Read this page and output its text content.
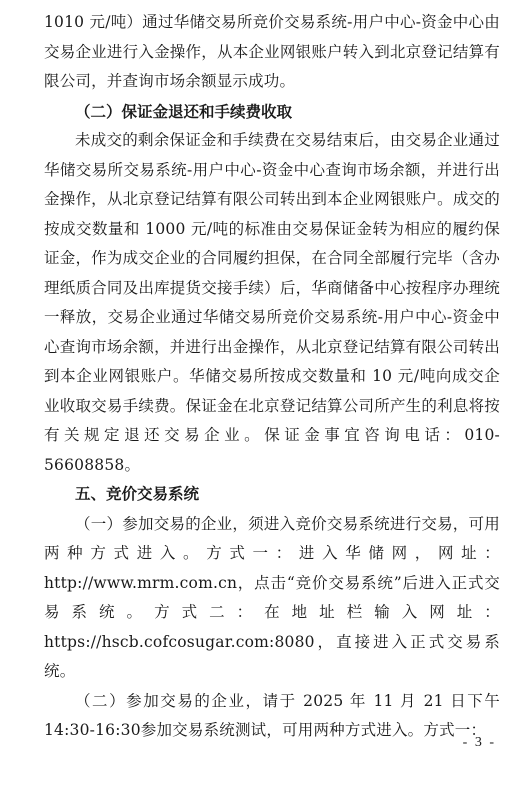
1010 元/吨）通过华储交易所竞价交易系统-用户中心-资金中心由交易企业进行入金操作，从本企业网银账户转入到北京登记结算有限公司，并查询市场余额显示成功。

（二）保证金退还和手续费收取

未成交的剩余保证金和手续费在交易结束后，由交易企业通过华储交易所交易系统-用户中心-资金中心查询市场余额，并进行出金操作，从北京登记结算有限公司转出到本企业网银账户。成交的按成交数量和 1000 元/吨的标准由交易保证金转为相应的履约保证金，作为成交企业的合同履约担保，在合同全部履行完毕（含办理纸质合同及出库提货交接手续）后，华商储备中心按程序办理统一释放，交易企业通过华储交易所竞价交易系统-用户中心-资金中心查询市场余额，并进行出金操作，从北京登记结算有限公司转出到本企业网银账户。华储交易所按成交数量和 10 元/吨向成交企业收取交易手续费。保证金在北京登记结算公司所产生的利息将按有关规定退还交易企业。保证金事宜咨询电话：010-56608858。

五、竞价交易系统

（一）参加交易的企业，须进入竞价交易系统进行交易，可用两种方式进入。方式一：进入华储网，网址：http://www.mrm.com.cn，点击“竞价交易系统”后进入正式交易系统。方式二：在地址栏输入网址：https://hscb.cofcosugar.com:8080，直接进入正式交易系统。

（二）参加交易的企业，请于 2025 年 11 月 21 日下午 14:30-16:30参加交易系统测试，可用两种方式进入。方式一：

- 3 -
